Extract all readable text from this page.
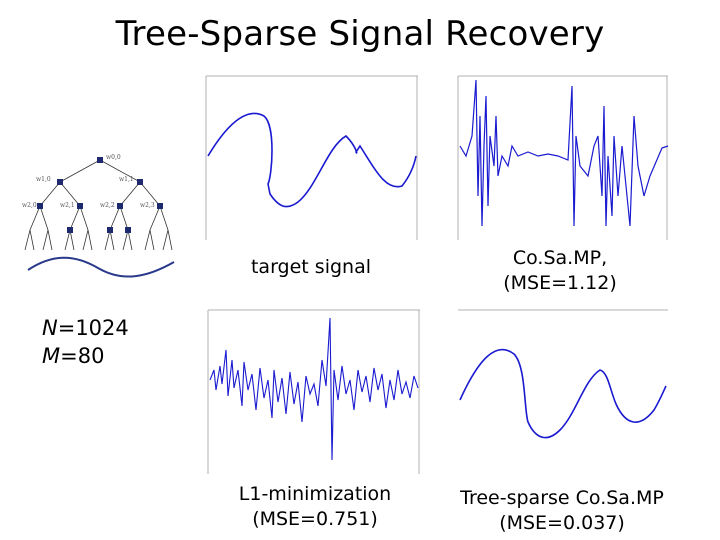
Tree-Sparse Signal Recovery
w0,0
w1,0	w1,1
w2,0	w2,1	w2,2	w2,3
target signal	Co.Sa.MP,
(MSE=1.12)
L1-minimization
(MSE=0.751)
Tree-sparse Co.Sa.MP
(MSE=0.037)
N=1024
M=80
